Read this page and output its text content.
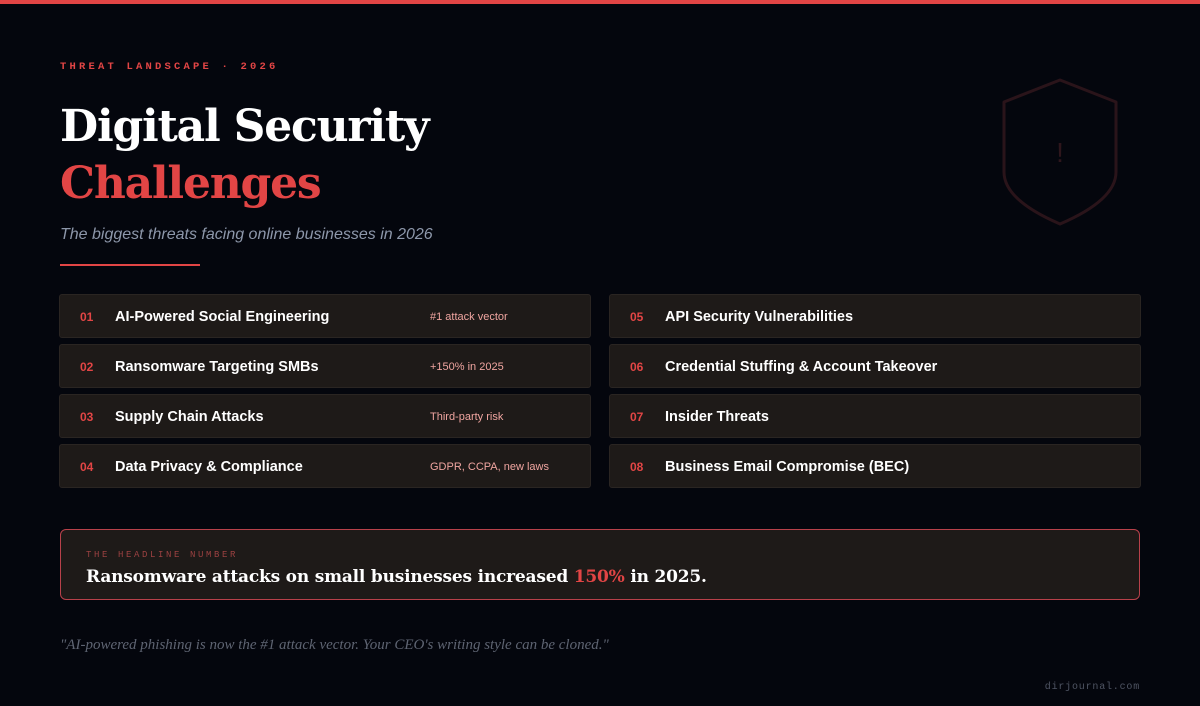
THREAT LANDSCAPE · 2026
Digital Security
Challenges
The biggest threats facing online businesses in 2026
!
01 AI-Powered Social Engineering	#1 attack vector
02 Ransomware Targeting SMBs	+150% in 2025
03 Supply Chain Attacks	Third-party risk
04 Data Privacy & Compliance	GDPR, CCPA, new laws
05 API Security Vulnerabilities
06 Credential Stuffing & Account Takeover
07 Insider Threats
08 Business Email Compromise (BEC)
THE HEADLINE NUMBER
Ransomware attacks on small businesses increased 150% in 2025.
"AI-powered phishing is now the #1 attack vector. Your CEO's writing style can be cloned."
dirjournal.com
